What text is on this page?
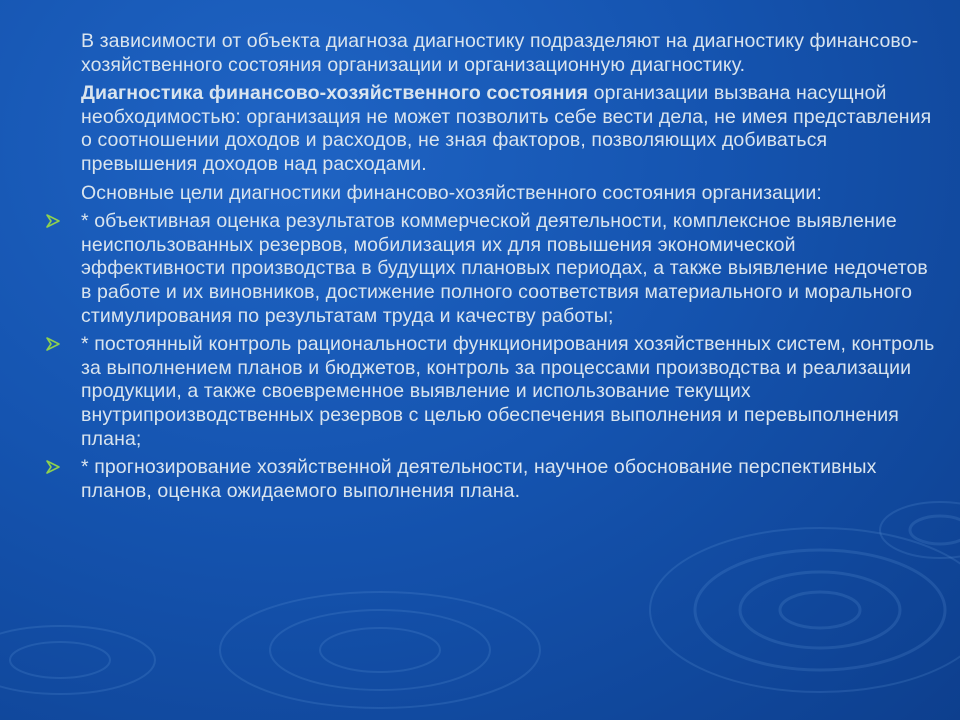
В зависимости от объекта диагноза диагностику подразделяют на диагностику финансово-хозяйственного состояния организации и организационную диагностику.

Диагностика финансово-хозяйственного состояния организации вызвана насущной необходимостью: организация не может позволить себе вести дела, не имея представления о соотношении доходов и расходов, не зная факторов, позволяющих добиваться превышения доходов над расходами.

Основные цели диагностики финансово-хозяйственного состояния организации:

* объективная оценка результатов коммерческой деятельности, комплексное выявление неиспользованных резервов, мобилизация их для повышения экономической эффективности производства в будущих плановых периодах, а также выявление недочетов в работе и их виновников, достижение полного соответствия материального и морального стимулирования по результатам труда и качеству работы;

* постоянный контроль рациональности функционирования хозяйственных систем, контроль за выполнением планов и бюджетов, контроль за процессами производства и реализации продукции, а также своевременное выявление и использование текущих внутрипроизводственных резервов с целью обеспечения выполнения и перевыполнения плана;

* прогнозирование хозяйственной деятельности, научное обоснование перспективных планов, оценка ожидаемого выполнения плана.
